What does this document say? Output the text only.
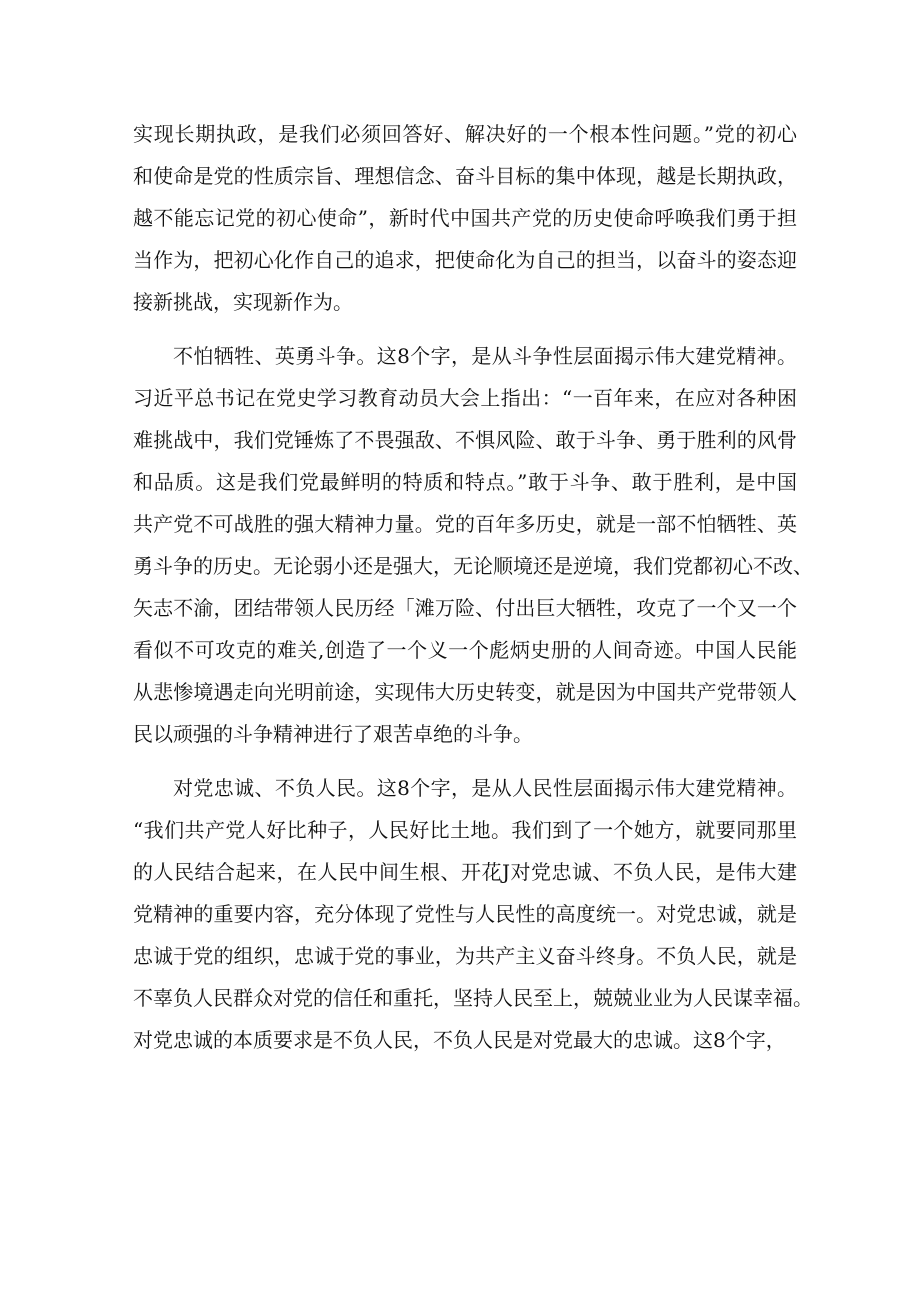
实现长期执政，是我们必须回答好、解决好的一个根本性问题。”党的初心
和使命是党的性质宗旨、理想信念、奋斗目标的集中体现，越是长期执政，
越不能忘记党的初心使命”，新时代中国共产党的历史使命呼唤我们勇于担
当作为，把初心化作自己的追求，把使命化为自己的担当，以奋斗的姿态迎
接新挑战，实现新作为。
不怕牺牲、英勇斗争。这8个字，是从斗争性层面揭示伟大建党精神。
习近平总书记在党史学习教育动员大会上指出：“一百年来，在应对各种困
难挑战中，我们党锤炼了不畏强敌、不惧风险、敢于斗争、勇于胜利的风骨
和品质。这是我们党最鲜明的特质和特点。”敢于斗争、敢于胜利，是中国
共产党不可战胜的强大精神力量。党的百年多历史，就是一部不怕牺牲、英
勇斗争的历史。无论弱小还是强大，无论顺境还是逆境，我们党都初心不改、
矢志不渝，团结带领人民历经「滩万险、付出巨大牺牲，攻克了一个又一个
看似不可攻克的难关,创造了一个义一个彪炳史册的人间奇迹。中国人民能
从悲惨境遇走向光明前途，实现伟大历史转变，就是因为中国共产党带领人
民以顽强的斗争精神进行了艰苦卓绝的斗争。
对党忠诚、不负人民。这8个字，是从人民性层面揭示伟大建党精神。
“我们共产党人好比种子，人民好比土地。我们到了一个她方，就要同那里
的人民结合起来，在人民中间生根、开花J对党忠诚、不负人民，是伟大建
党精神的重要内容，充分体现了党性与人民性的高度统一。对党忠诚，就是
忠诚于党的组织，忠诚于党的事业，为共产主义奋斗终身。不负人民，就是
不辜负人民群众对党的信任和重托，坚持人民至上，兢兢业业为人民谋幸福。
对党忠诚的本质要求是不负人民，不负人民是对党最大的忠诚。这8个字，
